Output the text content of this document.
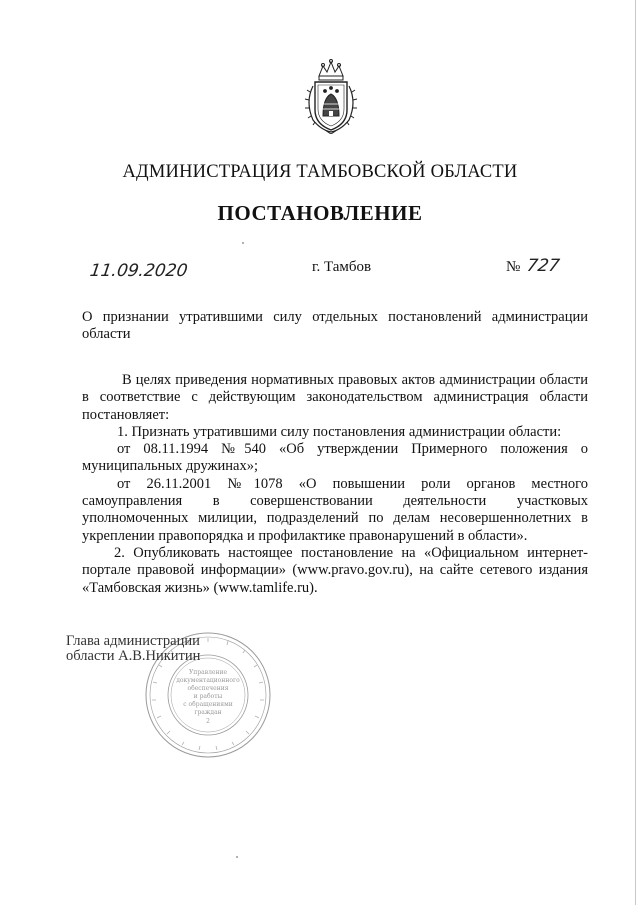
АДМИНИСТРАЦИЯ ТАМБОВСКОЙ ОБЛАСТИ
ПОСТАНОВЛЕНИЕ
11.09.2020	г. Тамбов	№ 727
О признании утратившими силу отдельных постановлений администрации области

В целях приведения нормативных правовых актов администрации области в соответствие с действующим законодательством администрация области постановляет:

1. Признать утратившими силу постановления администрации области:

от 08.11.1994 №540 «Об утверждении Примерного положения о муниципальных дружинах»;

от 26.11.2001 №1078 «О повышении роли органов местного самоуправления в совершенствовании деятельности участковых уполномоченных милиции, подразделений по делам несовершеннолетних в укреплении правопорядка и профилактике правонарушений в области».

2. Опубликовать настоящее постановление на «Официальном интернет-портале правовой информации» (www.pravo.gov.ru), на сайте сетевого издания «Тамбовская жизнь» (www.tamlife.ru).

Управление
документационного
обеспечения
и работы
с обращениями
граждан
2
Глава администрации
области А.В.Никитин
